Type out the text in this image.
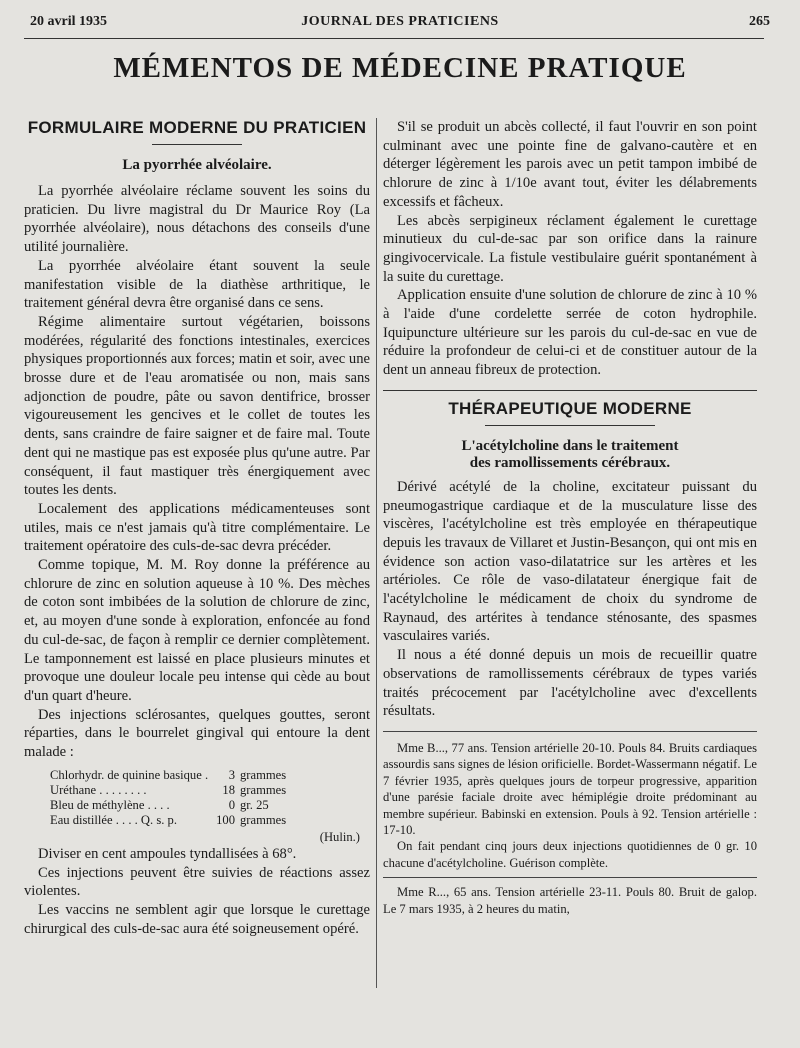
20 avril 1935	JOURNAL DES PRATICIENS	265
MÉMENTOS DE MÉDECINE PRATIQUE
FORMULAIRE MODERNE DU PRATICIEN
La pyorrhée alvéolaire.

La pyorrhée alvéolaire réclame souvent les soins du praticien. Du livre magistral du Dr Maurice Roy (La pyorrhée alvéolaire), nous détachons des conseils d'une utilité journalière.

La pyorrhée alvéolaire étant souvent la seule manifestation visible de la diathèse arthritique, le traitement général devra être organisé dans ce sens.

Régime alimentaire surtout végétarien, boissons modérées, régularité des fonctions intestinales, exercices physiques proportionnés aux forces; matin et soir, avec une brosse dure et de l'eau aromatisée ou non, mais sans adjonction de poudre, pâte ou savon dentifrice, brosser vigoureusement les gencives et le collet de toutes les dents, sans craindre de faire saigner et de faire mal. Toute dent qui ne mastique pas est exposée plus qu'une autre. Par conséquent, il faut mastiquer très énergiquement avec toutes les dents.

Localement des applications médicamenteuses sont utiles, mais ce n'est jamais qu'à titre complémentaire. Le traitement opératoire des culs-de-sac devra précéder.

Comme topique, M. M. Roy donne la préférence au chlorure de zinc en solution aqueuse à 10 %. Des mèches de coton sont imbibées de la solution de chlorure de zinc, et, au moyen d'une sonde à exploration, enfoncée au fond du cul-de-sac, de façon à remplir ce dernier complètement. Le tamponnement est laissé en place plusieurs minutes et provoque une douleur locale peu intense qui cède au bout d'un quart d'heure.

Des injections sclérosantes, quelques gouttes, seront réparties, dans le bourrelet gingival qui entoure la dent malade :

Chlorhydr. de quinine basique .	3	grammes
Uréthane . . . . . . . .	18	grammes
Bleu de méthylène . . . .	0	gr. 25
Eau distillée . . . . Q. s. p.	100	grammes
(Hulin.)

Diviser en cent ampoules tyndallisées à 68°.

Ces injections peuvent être suivies de réactions assez violentes.

Les vaccins ne semblent agir que lorsque le curettage chirurgical des culs-de-sac aura été soigneusement opéré.

S'il se produit un abcès collecté, il faut l'ouvrir en son point culminant avec une pointe fine de galvano-cautère et en déterger légèrement les parois avec un petit tampon imbibé de chlorure de zinc à 1/10e avant tout, éviter les délabrements excessifs et fâcheux.

Les abcès serpigineux réclament également le curettage minutieux du cul-de-sac par son orifice dans la rainure gingivocervicale. La fistule vestibulaire guérit spontanément à la suite du curettage.

Application ensuite d'une solution de chlorure de zinc à 10 % à l'aide d'une cordelette serrée de coton hydrophile. Iquipuncture ultérieure sur les parois du cul-de-sac en vue de réduire la profondeur de celui-ci et de constituer autour de la dent un anneau fibreux de protection.

THÉRAPEUTIQUE MODERNE
L'acétylcholine dans le traitement
des ramollissements cérébraux.

Dérivé acétylé de la choline, excitateur puissant du pneumogastrique cardiaque et de la musculature lisse des viscères, l'acétylcholine est très employée en thérapeutique depuis les travaux de Villaret et Justin-Besançon, qui ont mis en évidence son action vaso-dilatatrice sur les artères et les artérioles. Ce rôle de vaso-dilatateur énergique fait de l'acétylcholine le médicament de choix du syndrome de Raynaud, des artérites à tendance sténosante, des spasmes vasculaires variés.

Il nous a été donné depuis un mois de recueillir quatre observations de ramollissements cérébraux de types variés traités précocement par l'acétylcholine avec d'excellents résultats.

Mme B..., 77 ans. Tension artérielle 20-10. Pouls 84. Bruits cardiaques assourdis sans signes de lésion orificielle. Bordet-Wassermann négatif. Le 7 février 1935, après quelques jours de torpeur progressive, apparition d'une parésie faciale droite avec hémiplégie droite prédominant au membre supérieur. Babinski en extension. Pouls à 92. Tension artérielle : 17-10.

On fait pendant cinq jours deux injections quotidiennes de 0 gr. 10 chacune d'acétylcholine. Guérison complète.

Mme R..., 65 ans. Tension artérielle 23-11. Pouls 80. Bruit de galop. Le 7 mars 1935, à 2 heures du matin,
